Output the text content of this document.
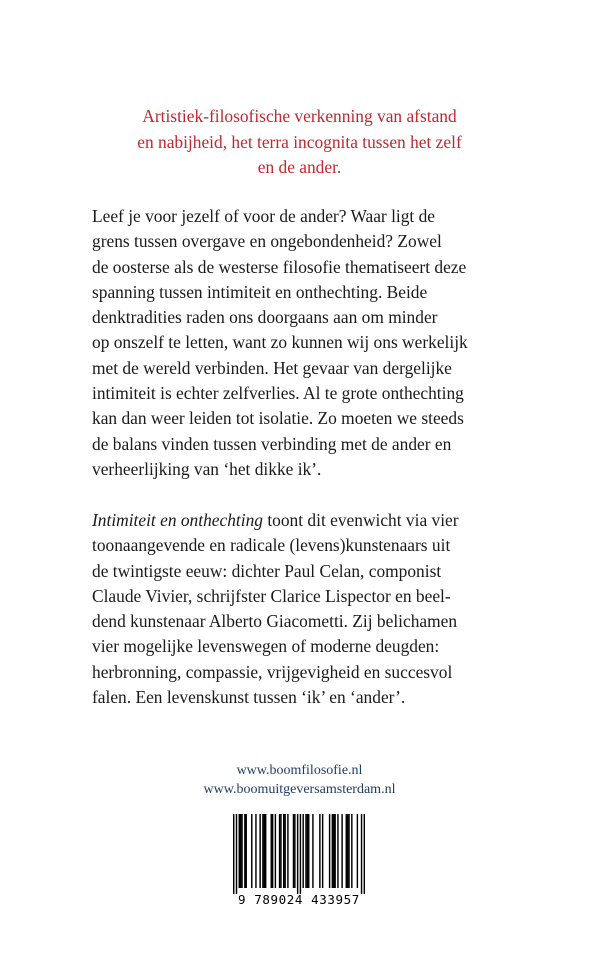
Artistiek-filosofische verkenning van afstand
en nabijheid, het terra incognita tussen het zelf
en de ander.
Leef je voor jezelf of voor de ander? Waar ligt de
grens tussen overgave en ongebondenheid? Zowel
de oosterse als de westerse filosofie thematiseert deze
spanning tussen intimiteit en onthechting. Beide
denktradities raden ons doorgaans aan om minder
op onszelf te letten, want zo kunnen wij ons werkelijk
met de wereld verbinden. Het gevaar van dergelijke
intimiteit is echter zelfverlies. Al te grote onthechting
kan dan weer leiden tot isolatie. Zo moeten we steeds
de balans vinden tussen verbinding met de ander en
verheerlijking van ‘het dikke ik’.
Intimiteit en onthechting toont dit evenwicht via vier
toonaangevende en radicale (levens)kunstenaars uit
de twintigste eeuw: dichter Paul Celan, componist
Claude Vivier, schrijfster Clarice Lispector en beel-
dend kunstenaar Alberto Giacometti. Zij belichamen
vier mogelijke levenswegen of moderne deugden:
herbronning, compassie, vrijgevigheid en succesvol
falen. Een levenskunst tussen ‘ik’ en ‘ander’.
www.boomfilosofie.nl
www.boomuitgeversamsterdam.nl
9 789024 433957
